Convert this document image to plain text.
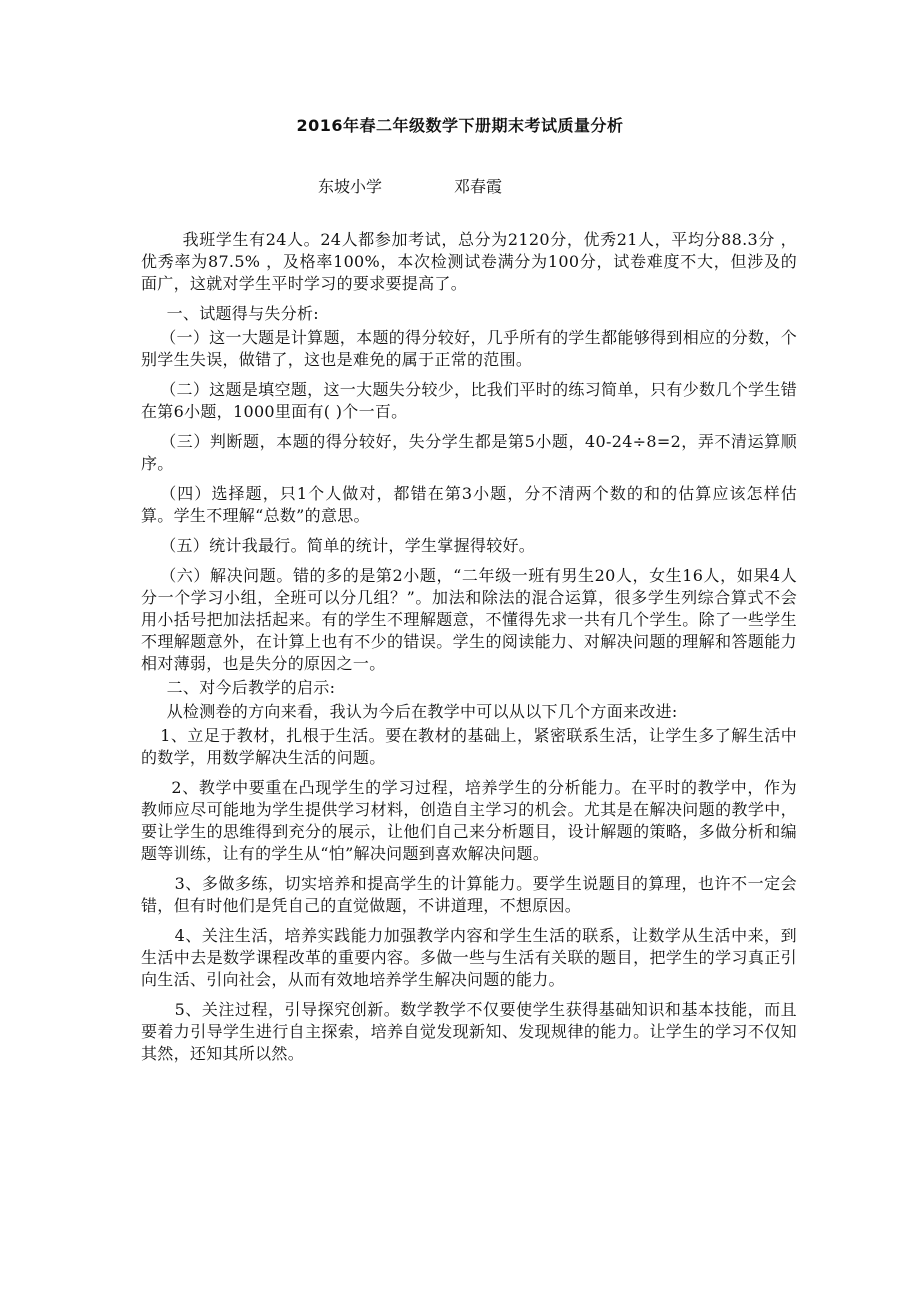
2016年春二年级数学下册期末考试质量分析
东坡小学	邓春霞

我班学生有24人。24人都参加考试，总分为2120分，优秀21人，平均分88.3分 ，优秀率为87.5% ，及格率100%，本次检测试卷满分为100分，试卷难度不大，但涉及的面广，这就对学生平时学习的要求要提高了。

一、试题得与失分析:

（一）这一大题是计算题，本题的得分较好，几乎所有的学生都能够得到相应的分数，个别学生失误，做错了，这也是难免的属于正常的范围。

（二）这题是填空题，这一大题失分较少，比我们平时的练习简单，只有少数几个学生错在第6小题，1000里面有( )个一百。

（三）判断题，本题的得分较好，失分学生都是第5小题，40-24÷8=2，弄不清运算顺序。

（四）选择题，只1个人做对，都错在第3小题，分不清两个数的和的估算应该怎样估算。学生不理解“总数”的意思。

（五）统计我最行。简单的统计，学生掌握得较好。

（六）解决问题。错的多的是第2小题，“二年级一班有男生20人，女生16人，如果4人分一个学习小组，全班可以分几组？”。加法和除法的混合运算，很多学生列综合算式不会用小括号把加法括起来。有的学生不理解题意，不懂得先求一共有几个学生。除了一些学生不理解题意外，在计算上也有不少的错误。学生的阅读能力、对解决问题的理解和答题能力相对薄弱，也是失分的原因之一。

二、对今后教学的启示:

从检测卷的方向来看，我认为今后在教学中可以从以下几个方面来改进:

1、立足于教材，扎根于生活。要在教材的基础上，紧密联系生活，让学生多了解生活中的数学，用数学解决生活的问题。

2、教学中要重在凸现学生的学习过程，培养学生的分析能力。在平时的教学中，作为教师应尽可能地为学生提供学习材料，创造自主学习的机会。尤其是在解决问题的教学中，要让学生的思维得到充分的展示，让他们自己来分析题目，设计解题的策略，多做分析和编题等训练，让有的学生从“怕”解决问题到喜欢解决问题。

3、多做多练，切实培养和提高学生的计算能力。要学生说题目的算理，也许不一定会错，但有时他们是凭自己的直觉做题，不讲道理，不想原因。

4、关注生活，培养实践能力加强教学内容和学生生活的联系，让数学从生活中来，到生活中去是数学课程改革的重要内容。多做一些与生活有关联的题目，把学生的学习真正引向生活、引向社会，从而有效地培养学生解决问题的能力。

5、关注过程，引导探究创新。数学教学不仅要使学生获得基础知识和基本技能，而且要着力引导学生进行自主探索，培养自觉发现新知、发现规律的能力。让学生的学习不仅知其然，还知其所以然。
